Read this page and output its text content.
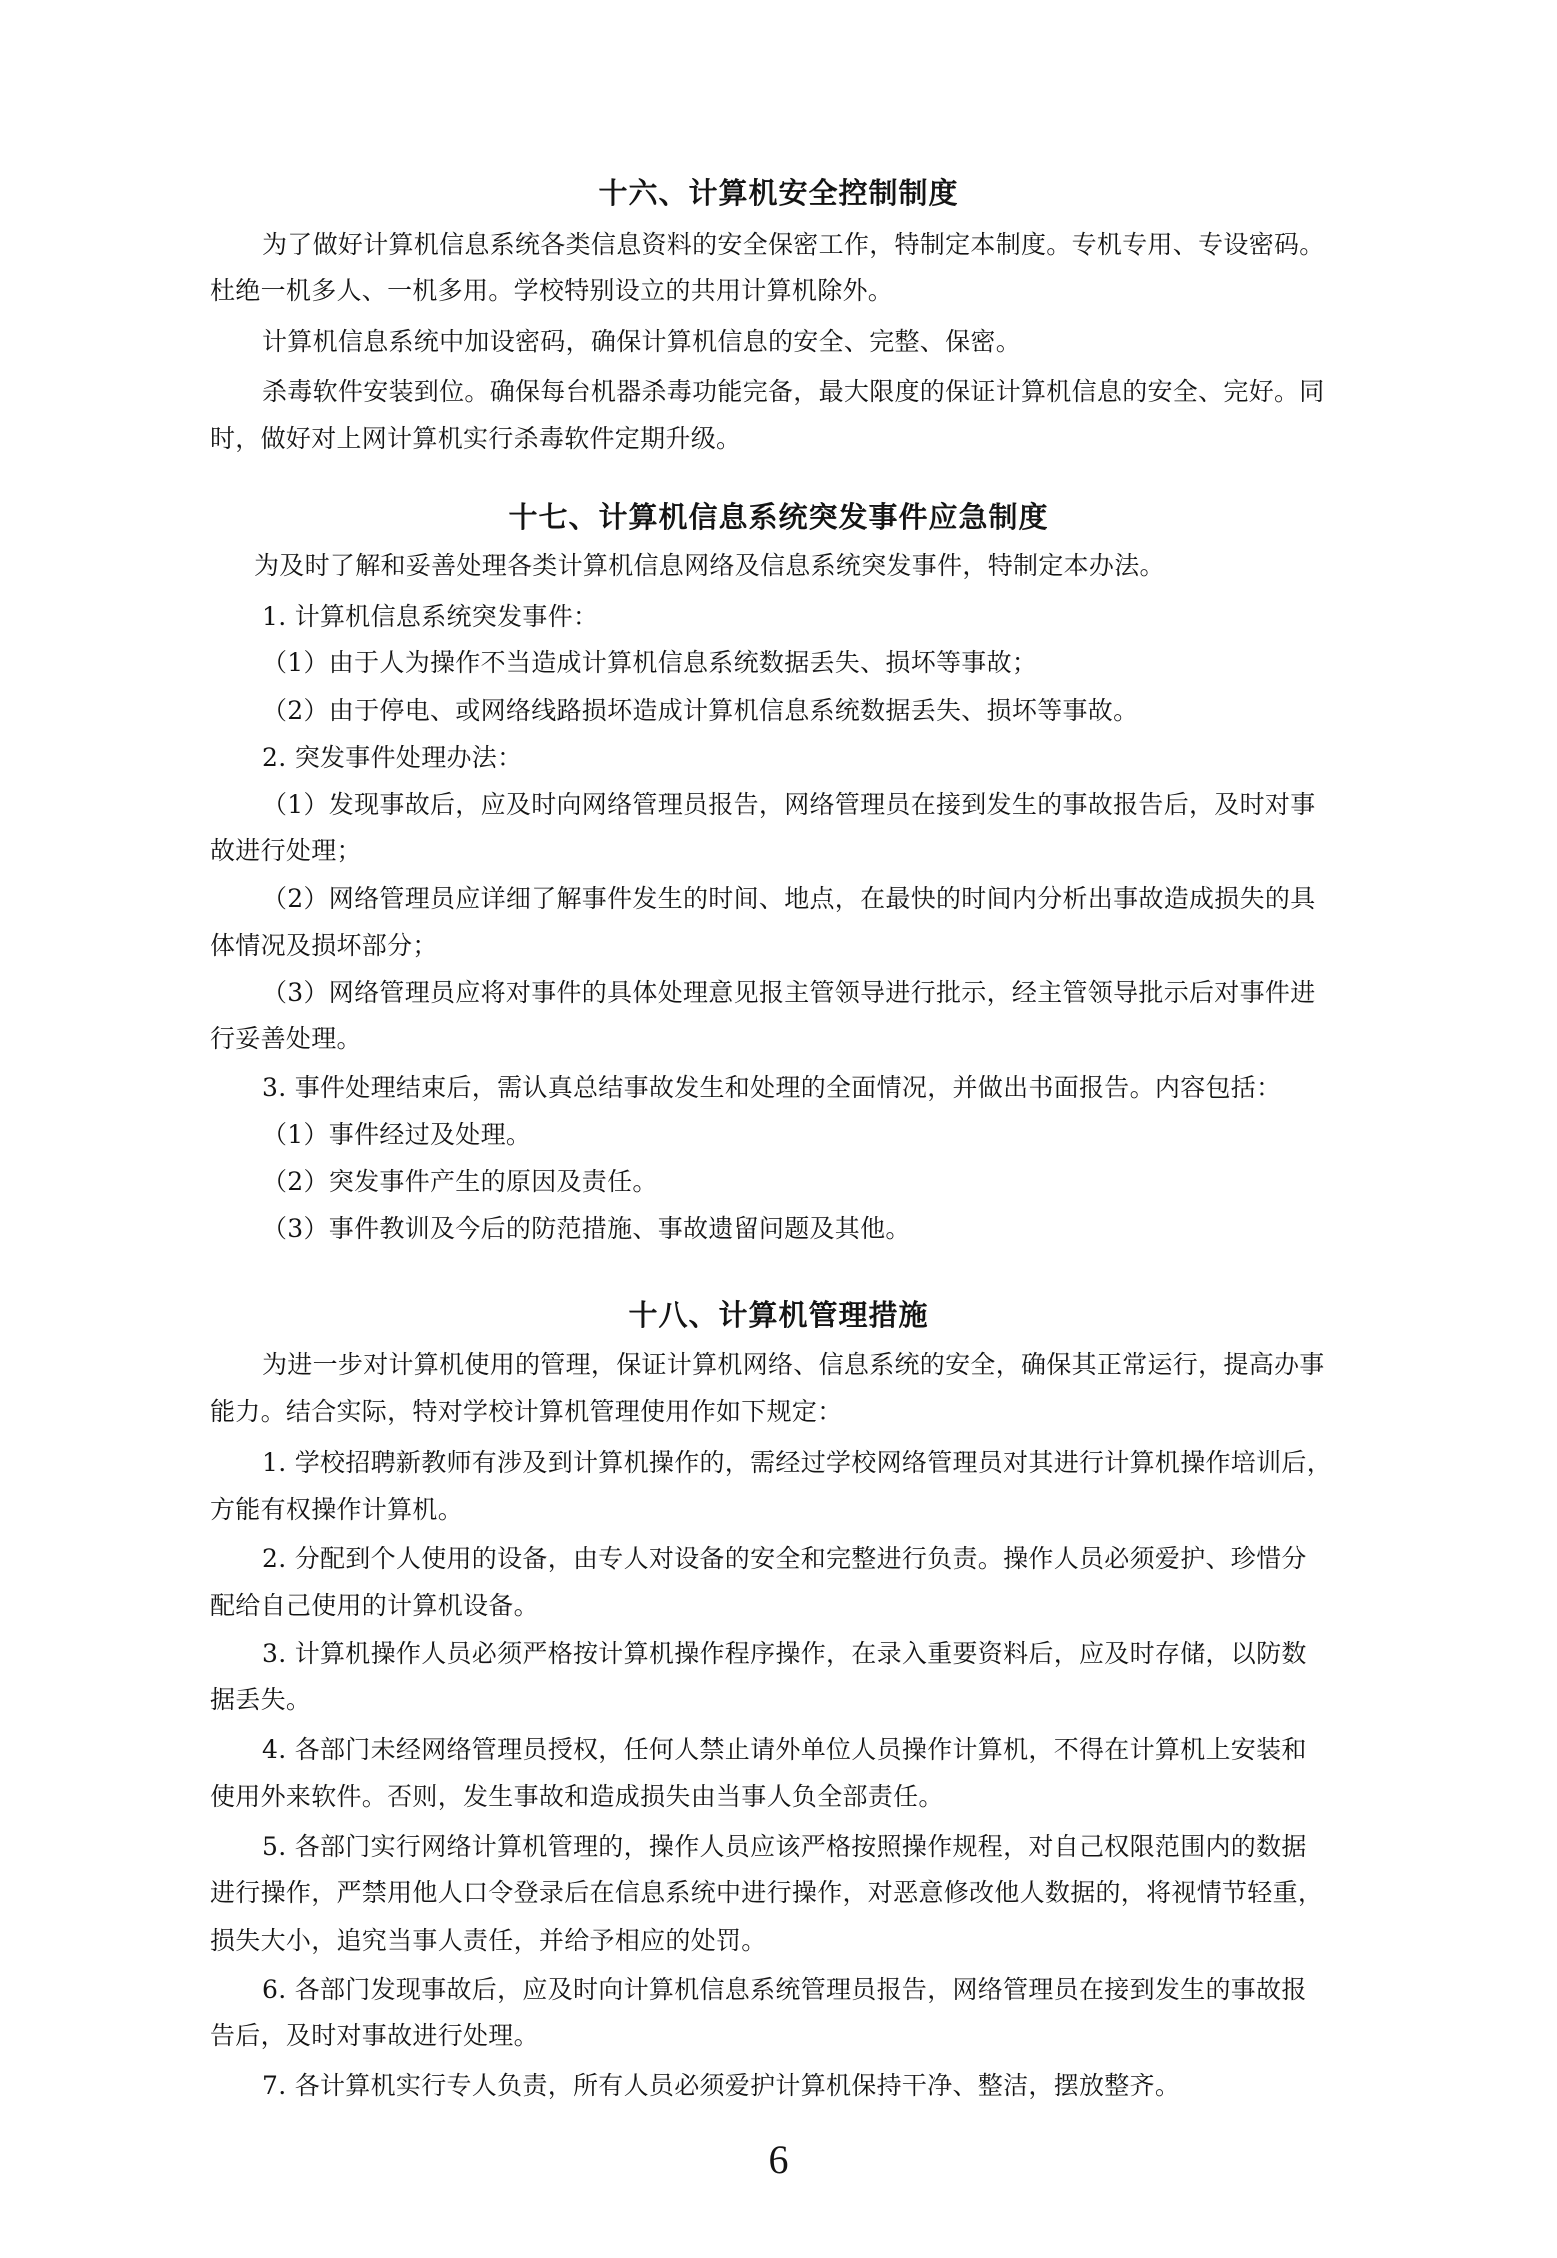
十六、计算机安全控制制度
为了做好计算机信息系统各类信息资料的安全保密工作，特制定本制度。专机专用、专设密码。
杜绝一机多人、一机多用。学校特别设立的共用计算机除外。
计算机信息系统中加设密码，确保计算机信息的安全、完整、保密。
杀毒软件安装到位。确保每台机器杀毒功能完备，最大限度的保证计算机信息的安全、完好。同
时，做好对上网计算机实行杀毒软件定期升级。
十七、计算机信息系统突发事件应急制度
为及时了解和妥善处理各类计算机信息网络及信息系统突发事件，特制定本办法。
1. 计算机信息系统突发事件：
（1）由于人为操作不当造成计算机信息系统数据丢失、损坏等事故；
（2）由于停电、或网络线路损坏造成计算机信息系统数据丢失、损坏等事故。
2. 突发事件处理办法：
（1）发现事故后，应及时向网络管理员报告，网络管理员在接到发生的事故报告后，及时对事
故进行处理；
（2）网络管理员应详细了解事件发生的时间、地点，在最快的时间内分析出事故造成损失的具
体情况及损坏部分；
（3）网络管理员应将对事件的具体处理意见报主管领导进行批示，经主管领导批示后对事件进
行妥善处理。
3. 事件处理结束后，需认真总结事故发生和处理的全面情况，并做出书面报告。内容包括：
（1）事件经过及处理。
（2）突发事件产生的原因及责任。
（3）事件教训及今后的防范措施、事故遗留问题及其他。
十八、计算机管理措施
为进一步对计算机使用的管理，保证计算机网络、信息系统的安全，确保其正常运行，提高办事
能力。结合实际，特对学校计算机管理使用作如下规定：
1. 学校招聘新教师有涉及到计算机操作的，需经过学校网络管理员对其进行计算机操作培训后，
方能有权操作计算机。
2. 分配到个人使用的设备，由专人对设备的安全和完整进行负责。操作人员必须爱护、珍惜分
配给自己使用的计算机设备。
3. 计算机操作人员必须严格按计算机操作程序操作，在录入重要资料后，应及时存储，以防数
据丢失。
4. 各部门未经网络管理员授权，任何人禁止请外单位人员操作计算机，不得在计算机上安装和
使用外来软件。否则，发生事故和造成损失由当事人负全部责任。
5. 各部门实行网络计算机管理的，操作人员应该严格按照操作规程，对自己权限范围内的数据
进行操作，严禁用他人口令登录后在信息系统中进行操作，对恶意修改他人数据的，将视情节轻重，
损失大小，追究当事人责任，并给予相应的处罚。
6. 各部门发现事故后，应及时向计算机信息系统管理员报告，网络管理员在接到发生的事故报
告后，及时对事故进行处理。
7. 各计算机实行专人负责，所有人员必须爱护计算机保持干净、整洁，摆放整齐。
6
